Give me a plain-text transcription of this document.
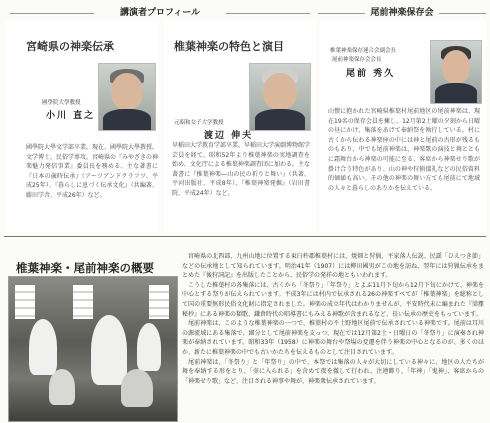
講演者プロフィール	尾前神楽保存会
宮崎県の神楽伝承
國學院大學教授
小川 直之
國學院大學文学部卒業。現在、國學院大學教授。文学博士。民俗学専攻。宮崎県の『みやざきの神楽魅力発信事業』委員長を務める。主な著書に『日本の歳時伝承』（アーツアンドクラフツ、平成25年）、『暮らしに息づく伝承文化』（共編著、藤田学舎、平成26年）など。
椎葉神楽の特色と演目
元昭和女子大学教授
渡辺 伸夫
早稲田大学教育学部卒業。早稲田大学演劇博物館学芸員を経て、昭和52年より椎葉神楽の実地調査を始め、文化庁による椎葉神楽調査団に加わる。主な著書に『椎葉神楽―山の民の祈りと舞い』（共著、平河出版社、平成8年）、『椎葉神楽発掘』（岩田書院、平成24年）など。
椎葉神楽保存連合会副会長
尾前神楽保存会会長
尾前 秀久
山懐に抱かれた宮崎県椎葉村尾前地区の尾前神楽は、現在19名の保存会員を擁し、12月第2土曜の夕刻から日曜の昼にかけ、集落をあげて奉納祭を執行している。村に古くから伝わる神楽座の中には神と尾前の古形が残るものもあり、中でも尾前神楽は、神楽歌の演技と舞とともに霜舞台から神楽の可能に至る、客席から神楽せり歌が掛け合う特色があり、山の神や狩猟儀礼などの民俗資料的価値も高い。その他の神楽の舞い方ても尾前にて地域の人々と暮らしのありかを伝えている。
椎葉神楽・尾前神楽の概要
宮崎県の北西部、九州山地に位置する東臼杵郡椎葉村には、焼畑と狩猟、平家落人伝説、民謡「ひえつき節」などの伝承地として知られています。明治41年（1907）には柳田國男がこの地を訪ね、翌年には狩猟伝承をまとめた『後狩詞記』を出版したことから、民俗学の発祥の地ともいわれます。
こうした椎葉村の各集落には、古くから「冬祭り」「年祭り」とよぶ11月下旬から12月下旬にかけて、神楽を中心とする祭りが伝えられています。平成3年には村内で伝承される26の神楽すべてが「椎葉神楽」を総称として国の重要無形民俗文化財に指定されました。神楽の成立年代はわかりませんが、平安時代末に編まれた『梁塵秘抄』にある神楽の類歌、鎌倉時代の唱導書にもみえる神歌が含まれるなど、長い伝承の歴史をもっています。
尾前神楽は、このような椎葉神楽の一つで、椎葉村の不土野地区尾前で伝承されている神楽です。尾前は耳川の源流域にある集落で、細分として尾前神楽を支っつ、現在では12月第2土・日曜日の「冬祭り」に演奏され神楽が奉納されています。昭和33年（1958）に神楽の舞台や祭場の変遷を伴う神楽の中心となるのが、多くのほか、新たに椎葉神楽の中でも古いかたちを伝えるものとして注目されています。
尾前神楽は、「冬祭り」と「年祭り」の中で、本祭では集落の人々が大切にしている神々に、地区の人たちが舞を奉納する形をとり、「壺に入られる」を含めて夜を徹して行われ、注連飾り、「年神」「鬼神」、客席からの「神楽せり歌」など、注目される神事や舞が、神楽衆伝承されています。
